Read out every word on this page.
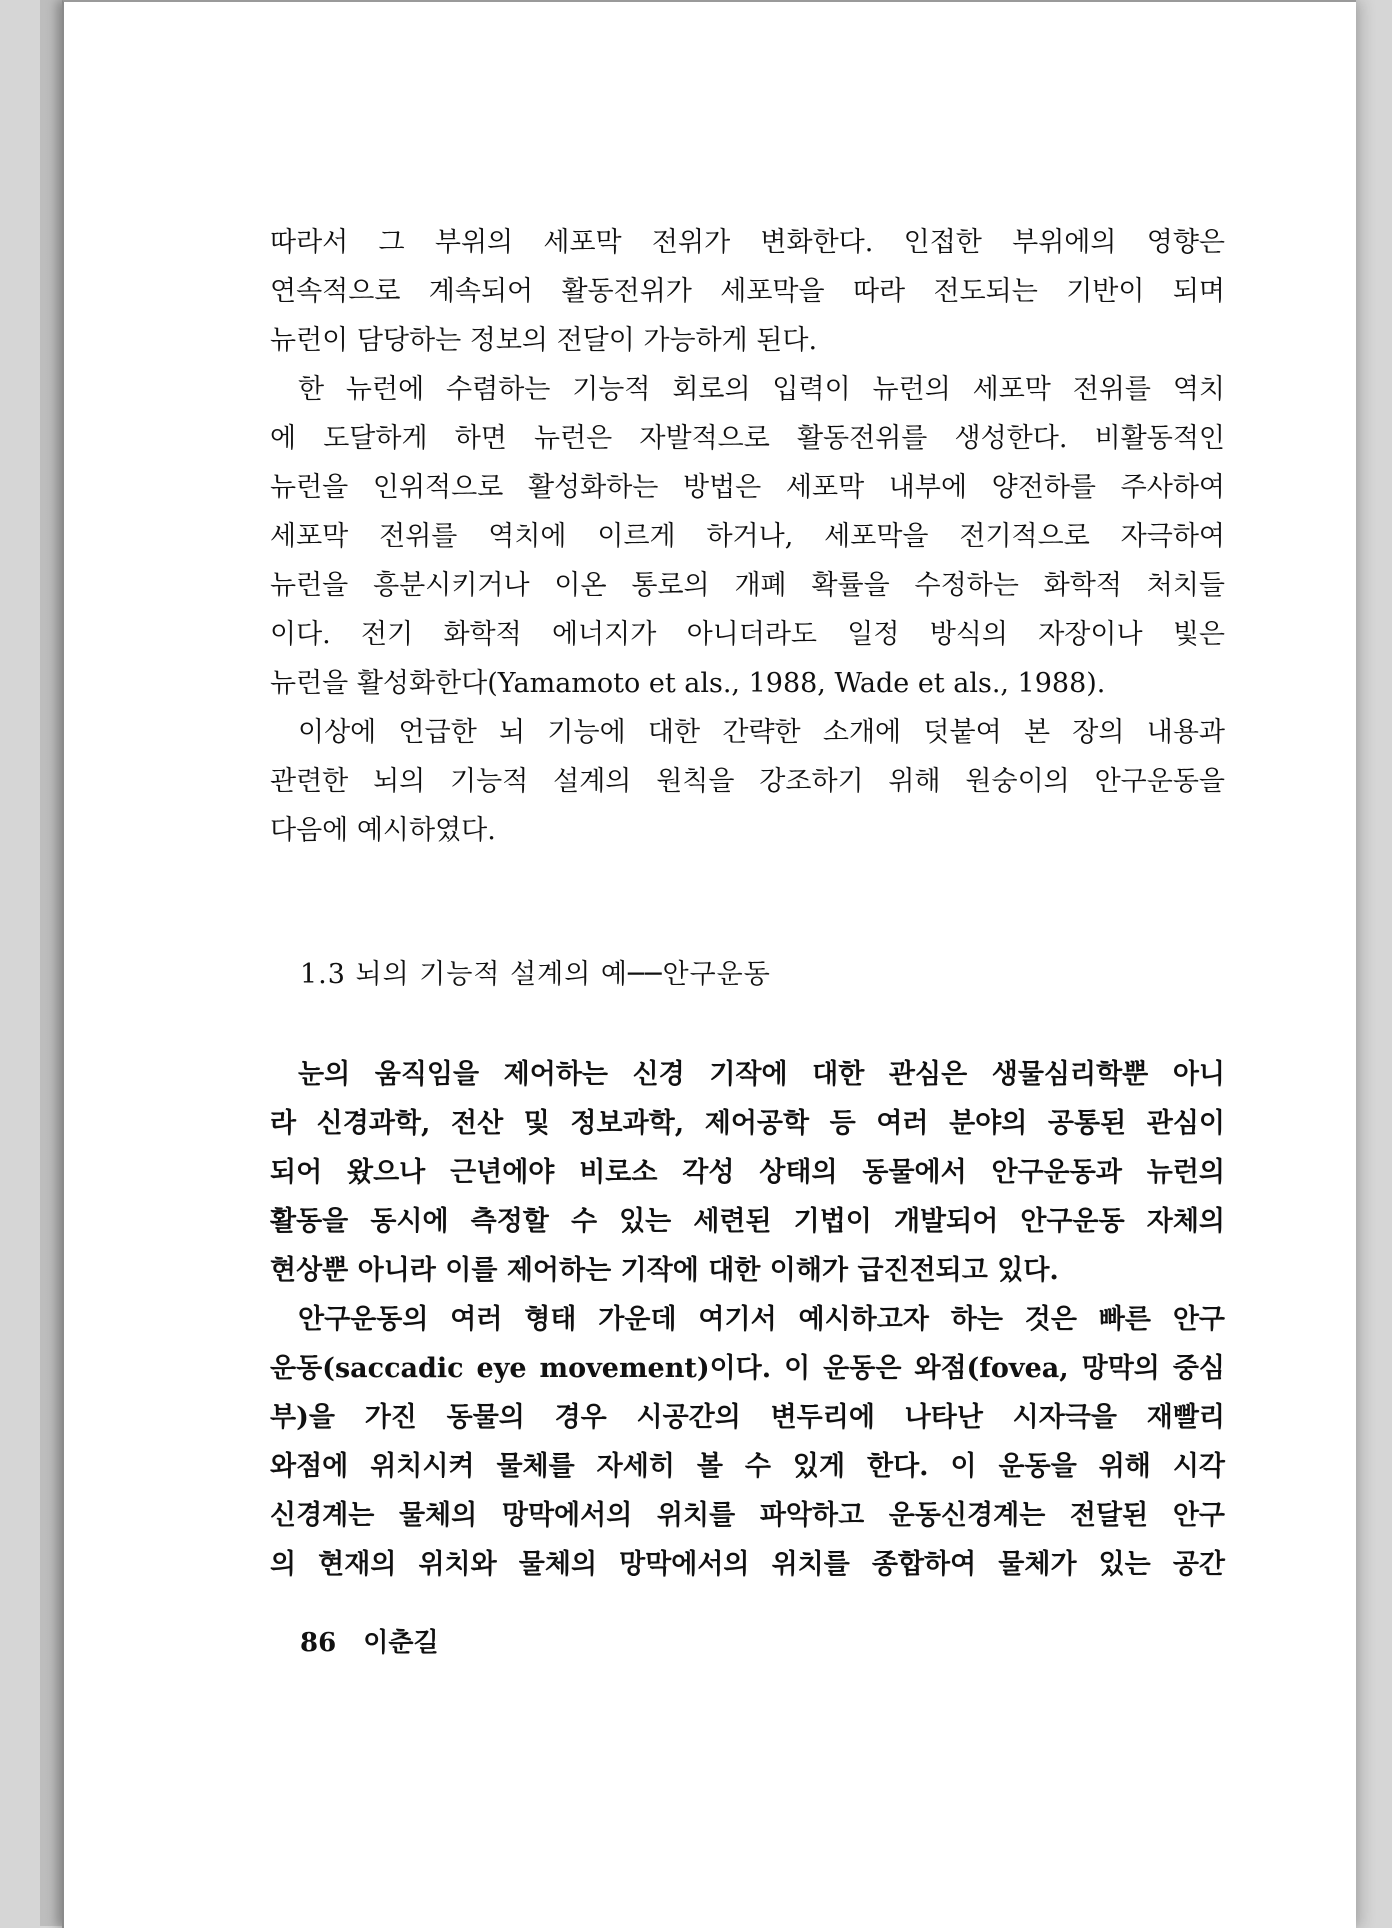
따라서 그 부위의 세포막 전위가 변화한다. 인접한 부위에의 영향은
연속적으로 계속되어 활동전위가 세포막을 따라 전도되는 기반이 되며
뉴런이 담당하는 정보의 전달이 가능하게 된다.

한 뉴런에 수렴하는 기능적 회로의 입력이 뉴런의 세포막 전위를 역치
에 도달하게 하면 뉴런은 자발적으로 활동전위를 생성한다. 비활동적인
뉴런을 인위적으로 활성화하는 방법은 세포막 내부에 양전하를 주사하여
세포막 전위를 역치에 이르게 하거나, 세포막을 전기적으로 자극하여
뉴런을 흥분시키거나 이온 통로의 개폐 확률을 수정하는 화학적 처치들
이다. 전기 화학적 에너지가 아니더라도 일정 방식의 자장이나 빛은
뉴런을 활성화한다(Yamamoto et als., 1988, Wade et als., 1988).

이상에 언급한 뇌 기능에 대한 간략한 소개에 덧붙여 본 장의 내용과
관련한 뇌의 기능적 설계의 원칙을 강조하기 위해 원숭이의 안구운동을
다음에 예시하였다.

1.3 뇌의 기능적 설계의 예──안구운동

눈의 움직임을 제어하는 신경 기작에 대한 관심은 생물심리학뿐 아니
라 신경과학, 전산 및 정보과학, 제어공학 등 여러 분야의 공통된 관심이
되어 왔으나 근년에야 비로소 각성 상태의 동물에서 안구운동과 뉴런의
활동을 동시에 측정할 수 있는 세련된 기법이 개발되어 안구운동 자체의
현상뿐 아니라 이를 제어하는 기작에 대한 이해가 급진전되고 있다.

안구운동의 여러 형태 가운데 여기서 예시하고자 하는 것은 빠른 안구
운동(saccadic eye movement)이다. 이 운동은 와점(fovea, 망막의 중심
부)을 가진 동물의 경우 시공간의 변두리에 나타난 시자극을 재빨리
와점에 위치시켜 물체를 자세히 볼 수 있게 한다. 이 운동을 위해 시각
신경계는 물체의 망막에서의 위치를 파악하고 운동신경계는 전달된 안구
의 현재의 위치와 물체의 망막에서의 위치를 종합하여 물체가 있는 공간

86 이춘길
